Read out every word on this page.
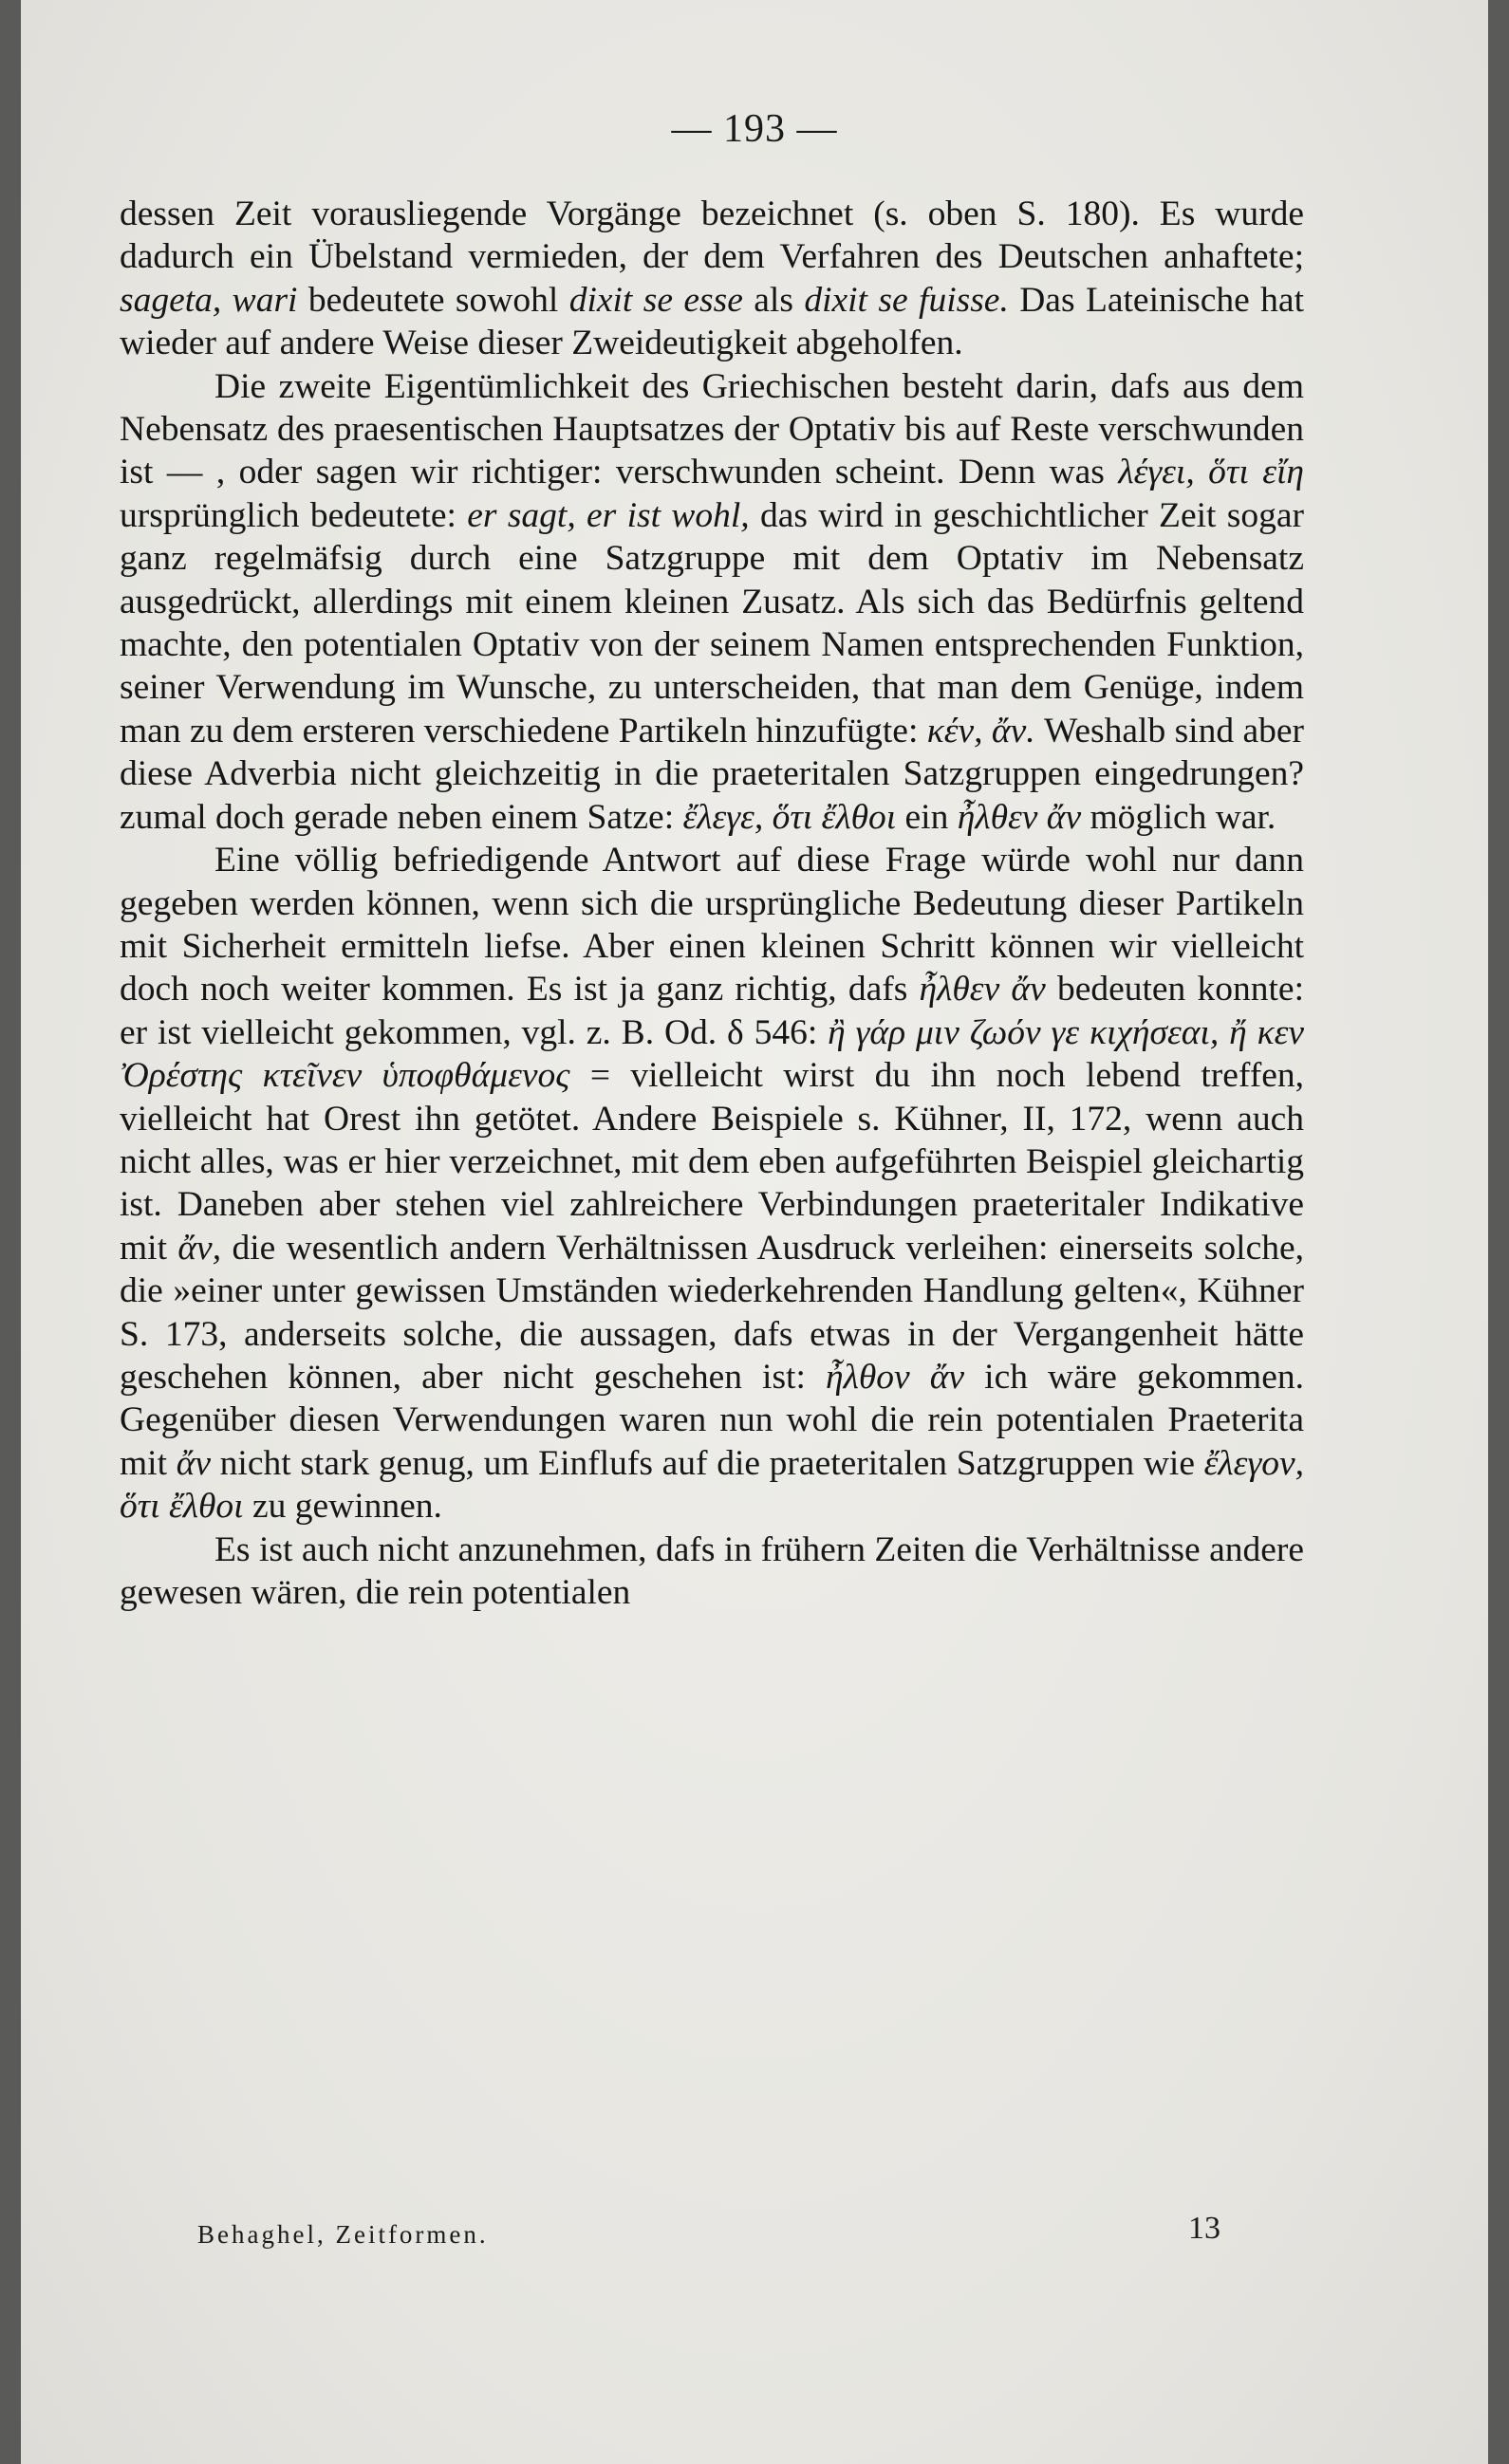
— 193 —

dessen Zeit vorausliegende Vorgänge bezeichnet (s. oben S. 180). Es wurde dadurch ein Übelstand vermieden, der dem Verfahren des Deutschen anhaftete; sageta, wari bedeutete sowohl dixit se esse als dixit se fuisse. Das Lateinische hat wieder auf andere Weise dieser Zweideutigkeit abgeholfen.

Die zweite Eigentümlichkeit des Griechischen besteht darin, dafs aus dem Nebensatz des praesentischen Hauptsatzes der Optativ bis auf Reste verschwunden ist — , oder sagen wir richtiger: verschwunden scheint. Denn was λέγει, ὅτι εἴη ursprünglich bedeutete: er sagt, er ist wohl, das wird in geschichtlicher Zeit sogar ganz regelmäfsig durch eine Satzgruppe mit dem Optativ im Nebensatz ausgedrückt, allerdings mit einem kleinen Zusatz. Als sich das Bedürfnis geltend machte, den potentialen Optativ von der seinem Namen entsprechenden Funktion, seiner Verwendung im Wunsche, zu unterscheiden, that man dem Genüge, indem man zu dem ersteren verschiedene Partikeln hinzufügte: κέν, ἄν. Weshalb sind aber diese Adverbia nicht gleichzeitig in die praeteritalen Satzgruppen eingedrungen? zumal doch gerade neben einem Satze: ἔλεγε, ὅτι ἔλθοι ein ἦλθεν ἄν möglich war.

Eine völlig befriedigende Antwort auf diese Frage würde wohl nur dann gegeben werden können, wenn sich die ursprüngliche Bedeutung dieser Partikeln mit Sicherheit ermitteln liefse. Aber einen kleinen Schritt können wir vielleicht doch noch weiter kommen. Es ist ja ganz richtig, dafs ἦλθεν ἄν bedeuten konnte: er ist vielleicht gekommen, vgl. z. B. Od. δ 546: ἢ γάρ μιν ζωόν γε κιχήσεαι, ἤ κεν Ὀρέστης κτεῖνεν ὑποφθάμενος = vielleicht wirst du ihn noch lebend treffen, vielleicht hat Orest ihn getötet. Andere Beispiele s. Kühner, II, 172, wenn auch nicht alles, was er hier verzeichnet, mit dem eben aufgeführten Beispiel gleichartig ist. Daneben aber stehen viel zahlreichere Verbindungen praeteritaler Indikative mit ἄν, die wesentlich andern Verhältnissen Ausdruck verleihen: einerseits solche, die »einer unter gewissen Umständen wiederkehrenden Handlung gelten«, Kühner S. 173, anderseits solche, die aussagen, dafs etwas in der Vergangenheit hätte geschehen können, aber nicht geschehen ist: ἦλθον ἄν ich wäre gekommen. Gegenüber diesen Verwendungen waren nun wohl die rein potentialen Praeterita mit ἄν nicht stark genug, um Einflufs auf die praeteritalen Satzgruppen wie ἔλεγον, ὅτι ἔλθοι zu gewinnen.

Es ist auch nicht anzunehmen, dafs in frühern Zeiten die Verhältnisse andere gewesen wären, die rein potentialen

Behaghel, Zeitformen.	13
